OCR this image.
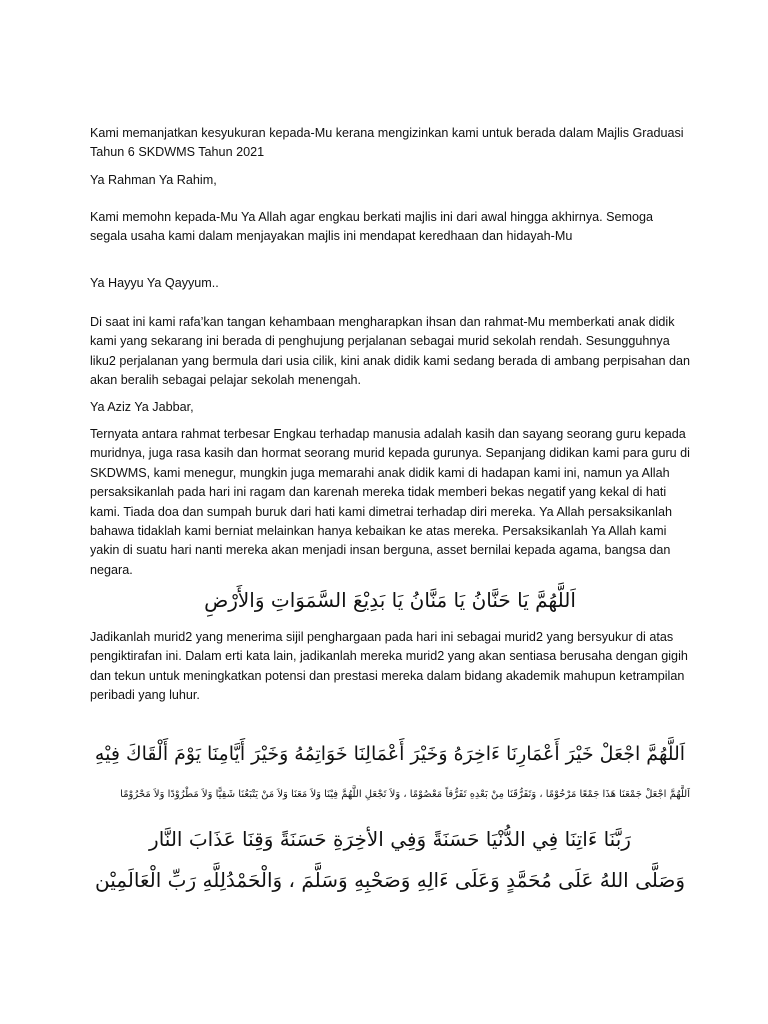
Kami memanjatkan kesyukuran kepada-Mu kerana mengizinkan kami untuk berada dalam Majlis Graduasi Tahun 6 SKDWMS Tahun 2021

Ya Rahman Ya Rahim,

Kami memohn kepada-Mu Ya Allah agar engkau berkati majlis ini dari awal hingga akhirnya. Semoga segala usaha kami dalam menjayakan majlis ini mendapat keredhaan dan hidayah-Mu

Ya Hayyu Ya Qayyum..

Di saat ini kami rafa’kan tangan kehambaan mengharapkan ihsan dan rahmat-Mu memberkati anak didik kami yang sekarang ini berada di penghujung perjalanan sebagai murid sekolah rendah. Sesungguhnya liku2 perjalanan yang bermula dari usia cilik, kini anak didik kami sedang berada di ambang perpisahan dan akan beralih sebagai pelajar sekolah menengah.

Ya Aziz Ya Jabbar,

Ternyata antara rahmat terbesar Engkau terhadap manusia adalah kasih dan sayang seorang guru kepada muridnya, juga rasa kasih dan hormat seorang murid kepada gurunya. Sepanjang didikan kami para guru di SKDWMS, kami menegur, mungkin juga memarahi anak didik kami di hadapan kami ini, namun ya Allah persaksikanlah pada hari ini ragam dan karenah mereka tidak memberi bekas negatif yang kekal di hati kami. Tiada doa dan sumpah buruk dari hati kami dimetrai terhadap diri mereka. Ya Allah persaksikanlah bahawa tidaklah kami berniat melainkan hanya kebaikan ke atas mereka. Persaksikanlah Ya Allah kami yakin di suatu hari nanti mereka akan menjadi insan berguna, asset bernilai kepada agama, bangsa dan negara.

اَللَّهُمَّ يَا حَنَّانُ يَا مَنَّانُ يَا بَدِيْعَ السَّمَوَاتِ وَالأَرْضِ

Jadikanlah murid2 yang menerima sijil penghargaan pada hari ini sebagai murid2 yang bersyukur di atas pengiktirafan ini. Dalam erti kata lain, jadikanlah mereka murid2 yang akan sentiasa berusaha dengan gigih dan tekun untuk meningkatkan potensi dan prestasi mereka dalam bidang akademik mahupun ketrampilan peribadi yang luhur.

اَللَّهُمَّ اجْعَلْ خَيْرَ أَعْمَارِنَا ءَاخِرَهُ وَخَيْرَ أَعْمَالِنَا خَوَاتِمُهُ وَخَيْرَ أَيَّامِنَا يَوْمَ أَلْقَاكَ فِيْهِ

اَللَّهُمَّ اجْعَلْ جَمْعَنَا هَذَا جَمْعًا مَرْحُوْمًا ، وَتَفَرُّقَنَا مِنْ بَعْدِهِ تَفَرُّقاً مَعْصُوْمًا ، وَلاَ تَجْعَلِ اللَّهُمَّ فِيْنَا وَلاَ مَعَنَا وَلاَ مَنْ يَتْبَعُنَا شَقِيًّا وَلاَ مَطْرُوْدًا وَلاَ مَحْرُوْمًا

رَبَّنَا ءَاتِنَا فِي الدُّنْيَا حَسَنَةً وَفِي الأخِرَةِ حَسَنَةً وَقِنَا عَذَابَ النَّار

وَصَلَّى اللهُ عَلَى مُحَمَّدٍ وَعَلَى ءَالِهِ وَصَحْبِهِ وَسَلَّمَ ، وَالْحَمْدُلِلَّهِ رَبِّ الْعَالَمِيْن
